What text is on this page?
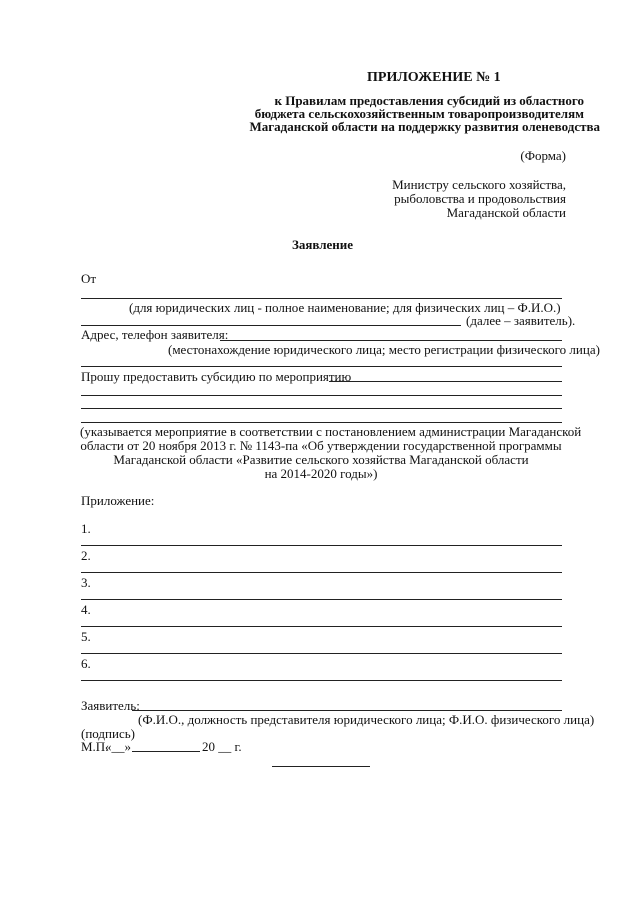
ПРИЛОЖЕНИЕ № 1
к Правилам предоставления субсидий из областного
бюджета сельскохозяйственным товаропроизводителям
Магаданской области на поддержку развития оленеводства
(Форма)
Министру сельского хозяйства,
рыболовства и продовольствия
Магаданской области
Заявление
От
(для юридических лиц - полное наименование; для физических лиц – Ф.И.О.)
(далее – заявитель).
Адрес, телефон заявителя:
(местонахождение юридического лица; место регистрации физического лица)
Прошу предоставить субсидию по мероприятию
(указывается мероприятие в соответствии с постановлением администрации Магаданской
области от 20 ноября 2013 г. № 1143-па «Об утверждении государственной программы
Магаданской области «Развитие сельского хозяйства Магаданской области
на 2014-2020 годы»)
Приложение:
1.
2.
3.
4.
5.
6.
Заявитель:
(Ф.И.О., должность представителя юридического лица; Ф.И.О. физического лица)
(подпись)
М.П.
«__»	20 __ г.
